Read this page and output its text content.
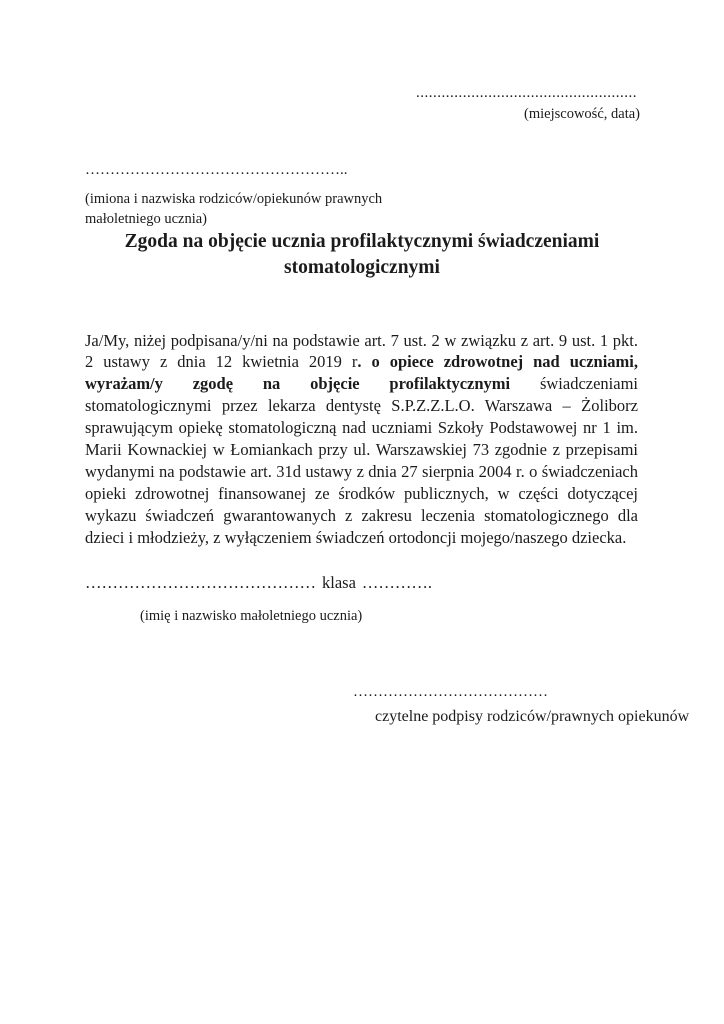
....................................................
(miejscowość, data)
……………………………………………..
(imiona i nazwiska rodziców/opiekunów prawnych
małoletniego ucznia)
Zgoda na objęcie ucznia profilaktycznymi świadczeniami
stomatologicznymi

Ja/My, niżej podpisana/y/ni na podstawie art. 7 ust. 2 w związku z art. 9 ust. 1 pkt. 2 ustawy z dnia 12 kwietnia 2019 r. o opiece zdrowotnej nad uczniami, wyrażam/y zgodę na objęcie profilaktycznymi świadczeniami stomatologicznymi przez lekarza dentystę S.P.Z.Z.L.O. Warszawa – Żoliborz sprawującym opiekę stomatologiczną nad uczniami Szkoły Podstawowej nr 1 im. Marii Kownackiej w Łomiankach przy ul. Warszawskiej 73 zgodnie z przepisami wydanymi na podstawie art. 31d ustawy z dnia 27 sierpnia 2004 r. o świadczeniach opieki zdrowotnej finansowanej ze środków publicznych, w części dotyczącej wykazu świadczeń gwarantowanych z zakresu leczenia stomatologicznego dla dzieci i młodzieży, z wyłączeniem świadczeń ortodoncji mojego/naszego dziecka.

…………………………………… klasa ………….
(imię i nazwisko małoletniego ucznia)
…………………………………
czytelne podpisy rodziców/prawnych opiekunów
